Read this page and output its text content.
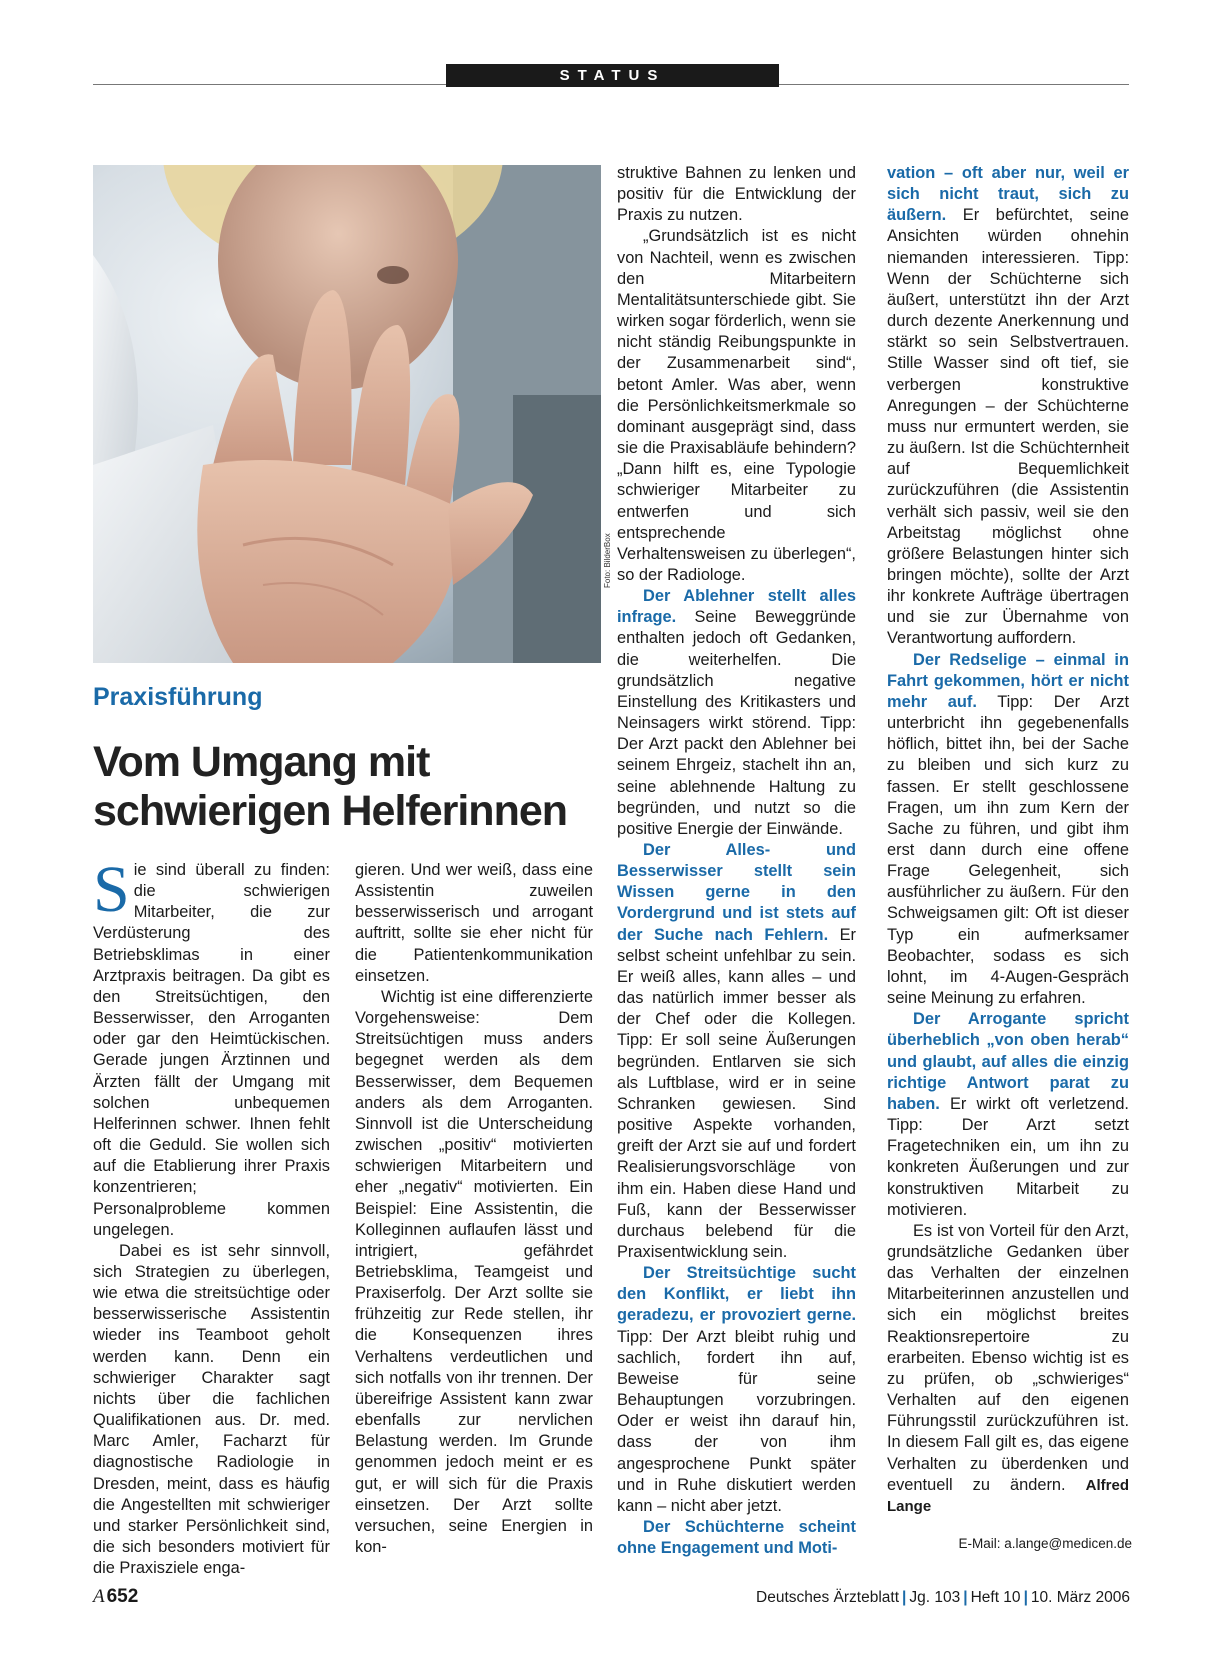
STATUS
Foto: BilderBox
Praxisführung
Vom Umgang mit schwierigen Helferinnen

Sie sind überall zu finden: die schwierigen Mitarbeiter, die zur Verdüsterung des Betriebsklimas in einer Arztpraxis beitragen. Da gibt es den Streitsüchtigen, den Besserwisser, den Arroganten oder gar den Heimtückischen. Gerade jungen Ärztinnen und Ärzten fällt der Umgang mit solchen unbequemen Helferinnen schwer. Ihnen fehlt oft die Geduld. Sie wollen sich auf die Etablierung ihrer Praxis konzentrieren; Personalprobleme kommen ungelegen.

Dabei es ist sehr sinnvoll, sich Strategien zu überlegen, wie etwa die streitsüchtige oder besserwisserische Assistentin wieder ins Teamboot geholt werden kann. Denn ein schwieriger Charakter sagt nichts über die fachlichen Qualifikationen aus. Dr. med. Marc Amler, Facharzt für diagnostische Radiologie in Dresden, meint, dass es häufig die Angestellten mit schwieriger und starker Persönlichkeit sind, die sich besonders motiviert für die Praxisziele enga-

gieren. Und wer weiß, dass eine Assistentin zuweilen besserwisserisch und arrogant auftritt, sollte sie eher nicht für die Patientenkommunikation einsetzen.

Wichtig ist eine differenzierte Vorgehensweise: Dem Streitsüchtigen muss anders begegnet werden als dem Besserwisser, dem Bequemen anders als dem Arroganten. Sinnvoll ist die Unterscheidung zwischen „positiv“ motivierten schwierigen Mitarbeitern und eher „negativ“ motivierten. Ein Beispiel: Eine Assistentin, die Kolleginnen auflaufen lässt und intrigiert, gefährdet Betriebsklima, Teamgeist und Praxiserfolg. Der Arzt sollte sie frühzeitig zur Rede stellen, ihr die Konsequenzen ihres Verhaltens verdeutlichen und sich notfalls von ihr trennen. Der übereifrige Assistent kann zwar ebenfalls zur nervlichen Belastung werden. Im Grunde genommen jedoch meint er es gut, er will sich für die Praxis einsetzen. Der Arzt sollte versuchen, seine Energien in kon-

struktive Bahnen zu lenken und positiv für die Entwicklung der Praxis zu nutzen.

„Grundsätzlich ist es nicht von Nachteil, wenn es zwischen den Mitarbeitern Mentalitätsunterschiede gibt. Sie wirken sogar förderlich, wenn sie nicht ständig Reibungspunkte in der Zusammenarbeit sind“, betont Amler. Was aber, wenn die Persönlichkeitsmerkmale so dominant ausgeprägt sind, dass sie die Praxisabläufe behindern? „Dann hilft es, eine Typologie schwieriger Mitarbeiter zu entwerfen und sich entsprechende Verhaltensweisen zu überlegen“, so der Radiologe.

Der Ablehner stellt alles infrage. Seine Beweggründe enthalten jedoch oft Gedanken, die weiterhelfen. Die grundsätzlich negative Einstellung des Kritikasters und Neinsagers wirkt störend. Tipp: Der Arzt packt den Ablehner bei seinem Ehrgeiz, stachelt ihn an, seine ablehnende Haltung zu begründen, und nutzt so die positive Energie der Einwände.

Der Alles- und Besserwisser stellt sein Wissen gerne in den Vordergrund und ist stets auf der Suche nach Fehlern. Er selbst scheint unfehlbar zu sein. Er weiß alles, kann alles – und das natürlich immer besser als der Chef oder die Kollegen. Tipp: Er soll seine Äußerungen begründen. Entlarven sie sich als Luftblase, wird er in seine Schranken gewiesen. Sind positive Aspekte vorhanden, greift der Arzt sie auf und fordert Realisierungsvorschläge von ihm ein. Haben diese Hand und Fuß, kann der Besserwisser durchaus belebend für die Praxisentwicklung sein.

Der Streitsüchtige sucht den Konflikt, er liebt ihn geradezu, er provoziert gerne. Tipp: Der Arzt bleibt ruhig und sachlich, fordert ihn auf, Beweise für seine Behauptungen vorzubringen. Oder er weist ihn darauf hin, dass der von ihm angesprochene Punkt später und in Ruhe diskutiert werden kann – nicht aber jetzt.

Der Schüchterne scheint ohne Engagement und Moti-

vation – oft aber nur, weil er sich nicht traut, sich zu äußern. Er befürchtet, seine Ansichten würden ohnehin niemanden interessieren. Tipp: Wenn der Schüchterne sich äußert, unterstützt ihn der Arzt durch dezente Anerkennung und stärkt so sein Selbstvertrauen. Stille Wasser sind oft tief, sie verbergen konstruktive Anregungen – der Schüchterne muss nur ermuntert werden, sie zu äußern. Ist die Schüchternheit auf Bequemlichkeit zurückzuführen (die Assistentin verhält sich passiv, weil sie den Arbeitstag möglichst ohne größere Belastungen hinter sich bringen möchte), sollte der Arzt ihr konkrete Aufträge übertragen und sie zur Übernahme von Verantwortung auffordern.

Der Redselige – einmal in Fahrt gekommen, hört er nicht mehr auf. Tipp: Der Arzt unterbricht ihn gegebenenfalls höflich, bittet ihn, bei der Sache zu bleiben und sich kurz zu fassen. Er stellt geschlossene Fragen, um ihn zum Kern der Sache zu führen, und gibt ihm erst dann durch eine offene Frage Gelegenheit, sich ausführlicher zu äußern. Für den Schweigsamen gilt: Oft ist dieser Typ ein aufmerksamer Beobachter, sodass es sich lohnt, im 4-Augen-Gespräch seine Meinung zu erfahren.

Der Arrogante spricht überheblich „von oben herab“ und glaubt, auf alles die einzig richtige Antwort parat zu haben. Er wirkt oft verletzend. Tipp: Der Arzt setzt Fragetechniken ein, um ihn zu konkreten Äußerungen und zur konstruktiven Mitarbeit zu motivieren.

Es ist von Vorteil für den Arzt, grundsätzliche Gedanken über das Verhalten der einzelnen Mitarbeiterinnen anzustellen und sich ein möglichst breites Reaktionsrepertoire zu erarbeiten. Ebenso wichtig ist es zu prüfen, ob „schwieriges“ Verhalten auf den eigenen Führungsstil zurückzuführen ist. In diesem Fall gilt es, das eigene Verhalten zu überdenken und eventuell zu ändern. Alfred Lange

E-Mail: a.lange@medicen.de
A 652	Deutsches Ärzteblatt | Jg. 103 | Heft 10 | 10. März 2006
